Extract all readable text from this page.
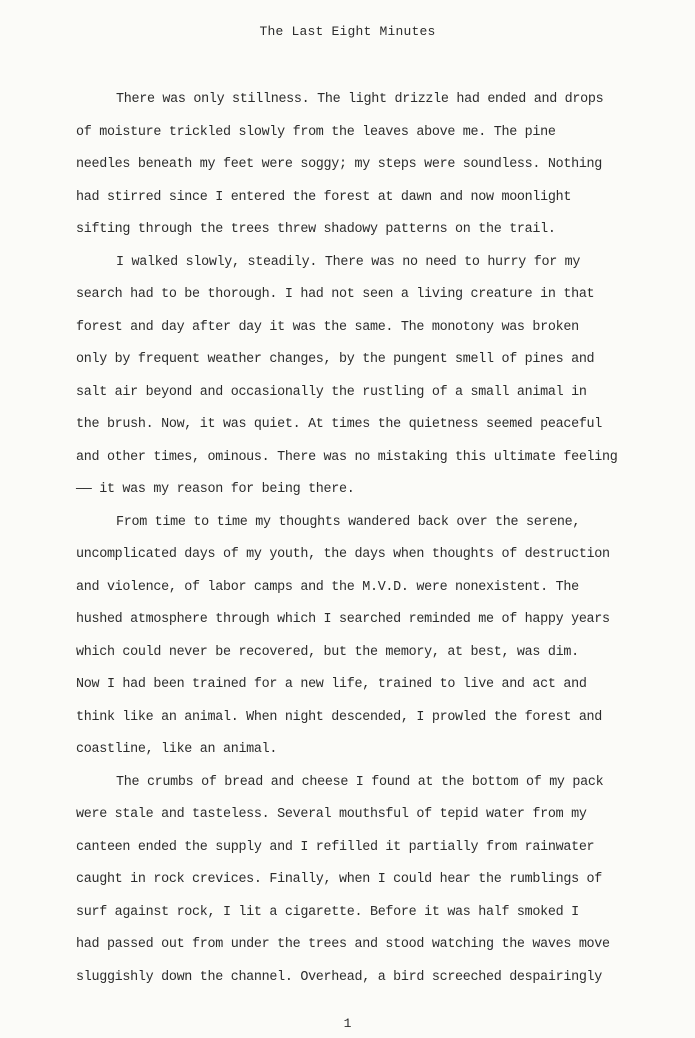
The Last Eight Minutes
There was only stillness. The light drizzle had ended and drops
of moisture trickled slowly from the leaves above me. The pine
needles beneath my feet were soggy; my steps were soundless. Nothing
had stirred since I entered the forest at dawn and now moonlight
sifting through the trees threw shadowy patterns on the trail.
I walked slowly, steadily. There was no need to hurry for my
search had to be thorough. I had not seen a living creature in that
forest and day after day it was the same. The monotony was broken
only by frequent weather changes, by the pungent smell of pines and
salt air beyond and occasionally the rustling of a small animal in
the brush. Now, it was quiet. At times the quietness seemed peaceful
and other times, ominous. There was no mistaking this ultimate feeling
—— it was my reason for being there.
From time to time my thoughts wandered back over the serene,
uncomplicated days of my youth, the days when thoughts of destruction
and violence, of labor camps and the M.V.D. were nonexistent. The
hushed atmosphere through which I searched reminded me of happy years
which could never be recovered, but the memory, at best, was dim.
Now I had been trained for a new life, trained to live and act and
think like an animal. When night descended, I prowled the forest and
coastline, like an animal.
The crumbs of bread and cheese I found at the bottom of my pack
were stale and tasteless. Several mouthsful of tepid water from my
canteen ended the supply and I refilled it partially from rainwater
caught in rock crevices. Finally, when I could hear the rumblings of
surf against rock, I lit a cigarette. Before it was half smoked I
had passed out from under the trees and stood watching the waves move
sluggishly down the channel. Overhead, a bird screeched despairingly
1
